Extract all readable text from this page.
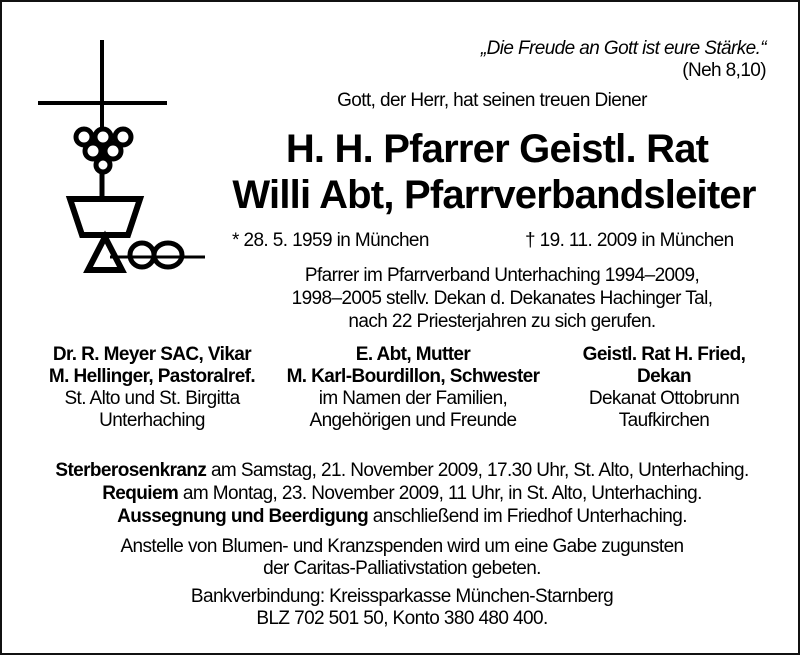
„Die Freude an Gott ist eure Stärke.“
(Neh 8,10)
Gott, der Herr, hat seinen treuen Diener
H. H. Pfarrer Geistl. Rat
Willi Abt, Pfarrverbandsleiter
* 28. 5. 1959 in München	† 19. 11. 2009 in München
Pfarrer im Pfarrverband Unterhaching 1994–2009,
1998–2005 stellv. Dekan d. Dekanates Hachinger Tal,
nach 22 Priesterjahren zu sich gerufen.
Dr. R. Meyer SAC, Vikar
M. Hellinger, Pastoralref.
St. Alto und St. Birgitta
Unterhaching
E. Abt, Mutter
M. Karl-Bourdillon, Schwester
im Namen der Familien,
Angehörigen und Freunde
Geistl. Rat H. Fried,
Dekan
Dekanat Ottobrunn
Taufkirchen
Sterberosenkranz am Samstag, 21. November 2009, 17.30 Uhr, St. Alto, Unterhaching.
Requiem am Montag, 23. November 2009, 11 Uhr, in St. Alto, Unterhaching.
Aussegnung und Beerdigung anschließend im Friedhof Unterhaching.
Anstelle von Blumen- und Kranzspenden wird um eine Gabe zugunsten
der Caritas-Palliativstation gebeten.
Bankverbindung: Kreissparkasse München-Starnberg
BLZ 702 501 50, Konto 380 480 400.
